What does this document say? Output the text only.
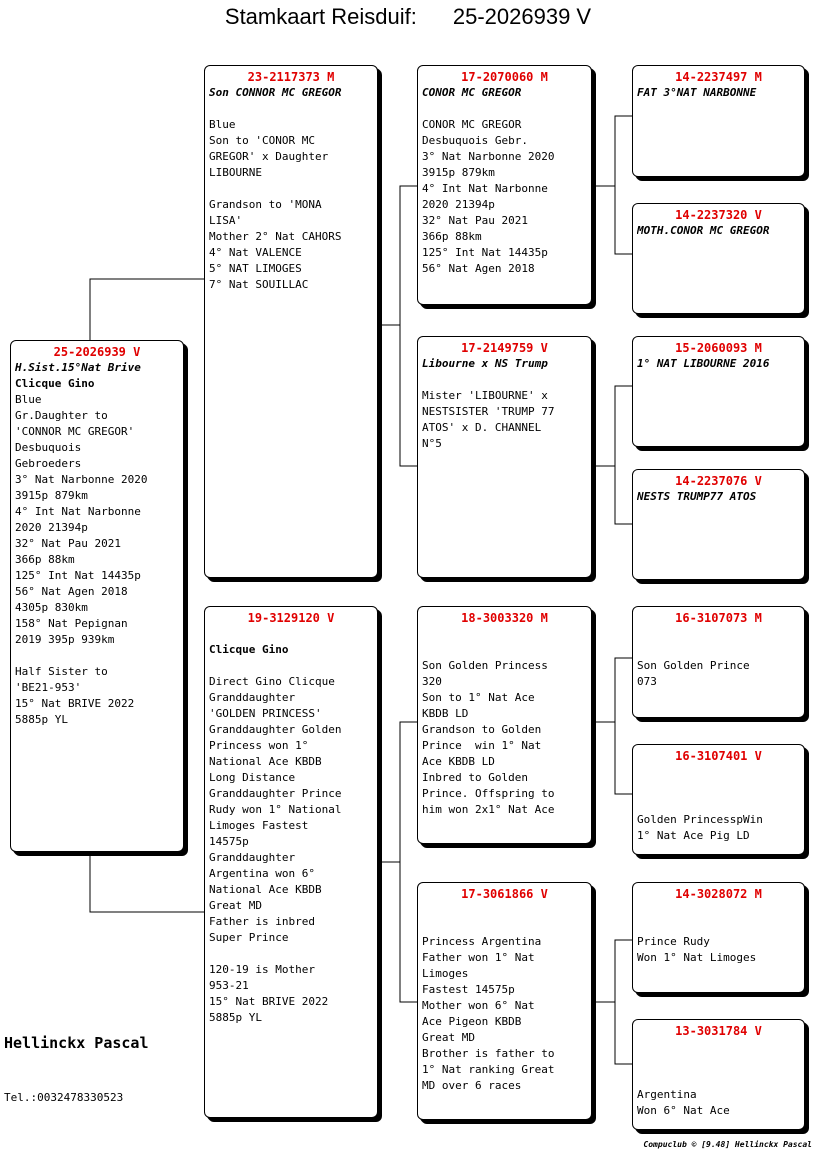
Stamkaart Reisduif: 25-2026939 V
25-2026939 V
H.Sist.15°Nat Brive
Clicque Gino
Blue
Gr.Daughter to
'CONNOR MC GREGOR'
Desbuquois
Gebroeders
3° Nat Narbonne 2020
3915p 879km
4° Int Nat Narbonne
2020 21394p
32° Nat Pau 2021
366p 88km
125° Int Nat 14435p
56° Nat Agen 2018
4305p 830km
158° Nat Pepignan
2019 395p 939km

Half Sister to
'BE21-953'
15° Nat BRIVE 2022
5885p YL
23-2117373 M
Son CONNOR MC GREGOR

Blue
Son to 'CONOR MC
GREGOR' x Daughter
LIBOURNE

Grandson to 'MONA
LISA'
Mother 2° Nat CAHORS
4° Nat VALENCE
5° NAT LIMOGES
7° Nat SOUILLAC
19-3129120 V

Clicque Gino

Direct Gino Clicque
Granddaughter
'GOLDEN PRINCESS'
Granddaughter Golden
Princess won 1°
National Ace KBDB
Long Distance
Granddaughter Prince
Rudy won 1° National
Limoges Fastest
14575p
Granddaughter
Argentina won 6°
National Ace KBDB
Great MD
Father is inbred
Super Prince

120-19 is Mother
953-21
15° Nat BRIVE 2022
5885p YL
17-2070060 M
CONOR MC GREGOR

CONOR MC GREGOR
Desbuquois Gebr.
3° Nat Narbonne 2020
3915p 879km
4° Int Nat Narbonne
2020 21394p
32° Nat Pau 2021
366p 88km
125° Int Nat 14435p
56° Nat Agen 2018
17-2149759 V
Libourne x NS Trump

Mister 'LIBOURNE' x
NESTSISTER 'TRUMP 77
ATOS' x D. CHANNEL
N°5
18-3003320 M

Son Golden Princess
320
Son to 1° Nat Ace
KBDB LD
Grandson to Golden
Prince  win 1° Nat
Ace KBDB LD
Inbred to Golden
Prince. Offspring to
him won 2x1° Nat Ace
17-3061866 V

Princess Argentina
Father won 1° Nat
Limoges
Fastest 14575p
Mother won 6° Nat
Ace Pigeon KBDB
Great MD
Brother is father to
1° Nat ranking Great
MD over 6 races
14-2237497 M
FAT 3°NAT NARBONNE
14-2237320 V
MOTH.CONOR MC GREGOR
15-2060093 M
1° NAT LIBOURNE 2016
14-2237076 V
NESTS TRUMP77 ATOS
16-3107073 M

Son Golden Prince
073
16-3107401 V

Golden PrincesspWin
1° Nat Ace Pig LD
14-3028072 M

Prince Rudy
Won 1° Nat Limoges
13-3031784 V

Argentina
Won 6° Nat Ace
Hellinckx Pascal
Tel.:0032478330523
Compuclub © [9.48] Hellinckx Pascal
